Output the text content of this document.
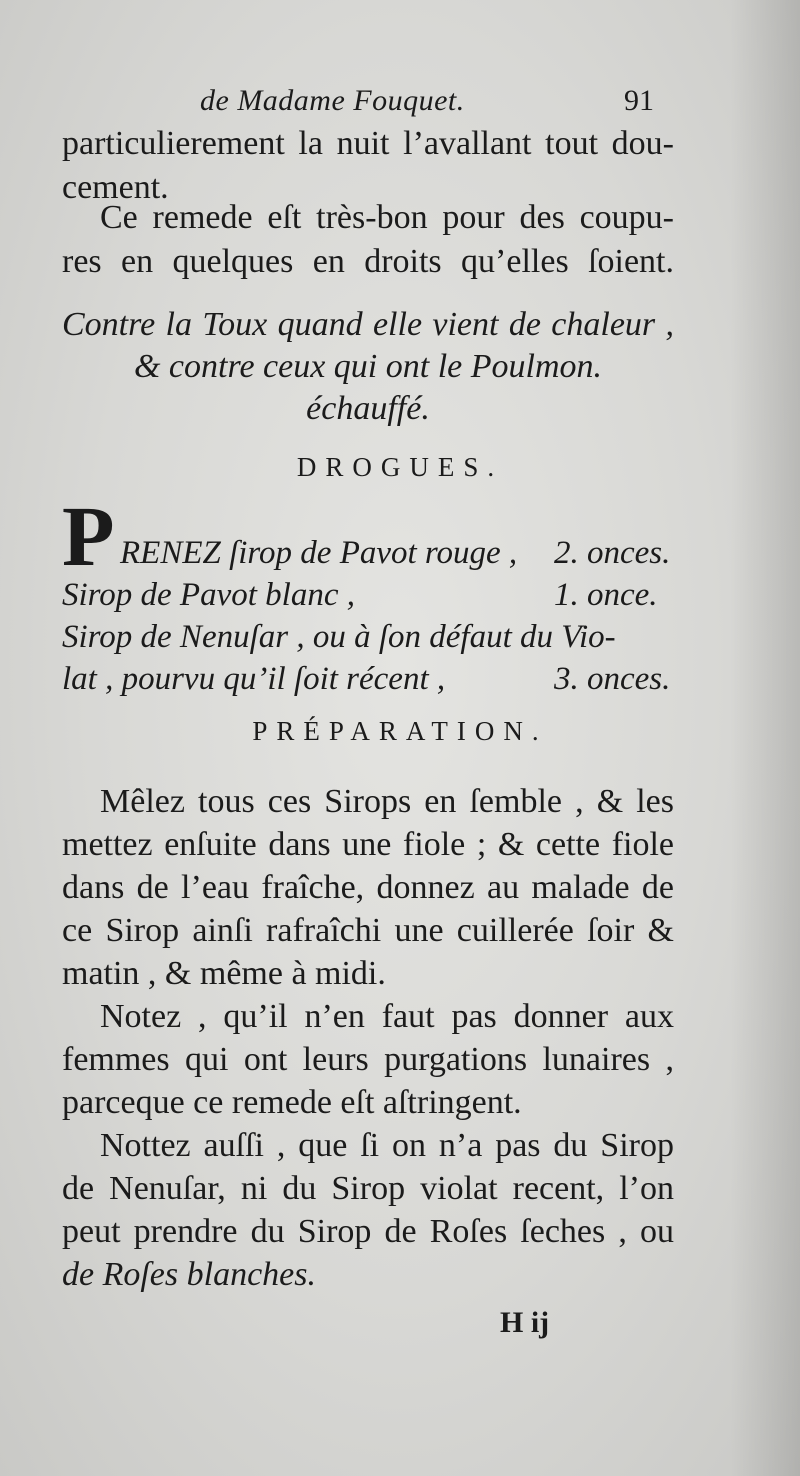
de Madame Fouquet.	91
particulierement la nuit l’avallant tout dou-
cement.
Ce remede eſt très-bon pour des coupu-
res en quelques en droits qu’elles ſoient.
Contre la Toux quand elle vient de chaleur ,
& contre ceux qui ont le Poulmon.
échauffé.
DROGUES.
P RENEZ ſirop de Pavot rouge , 2. onces.
Sirop de Pavot blanc ,	1. once.
Sirop de Nenuſar , ou à ſon défaut du Vio-
lat , pourvu qu’il ſoit récent ,	3. onces.
PRÉPARATION.
Mêlez tous ces Sirops en ſemble , & les
mettez enſuite dans une fiole ; & cette fiole
dans de l’eau fraîche, donnez au malade de
ce Sirop ainſi rafraîchi une cuillerée ſoir &
matin , & même à midi.
Notez , qu’il n’en faut pas donner aux
femmes qui ont leurs purgations lunaires ,
parceque ce remede eſt aſtringent.
Nottez auſſi , que ſi on n’a pas du Sirop
de Nenuſar, ni du Sirop violat recent, l’on
peut prendre du Sirop de Roſes ſeches , ou
de Roſes blanches.
H ij
